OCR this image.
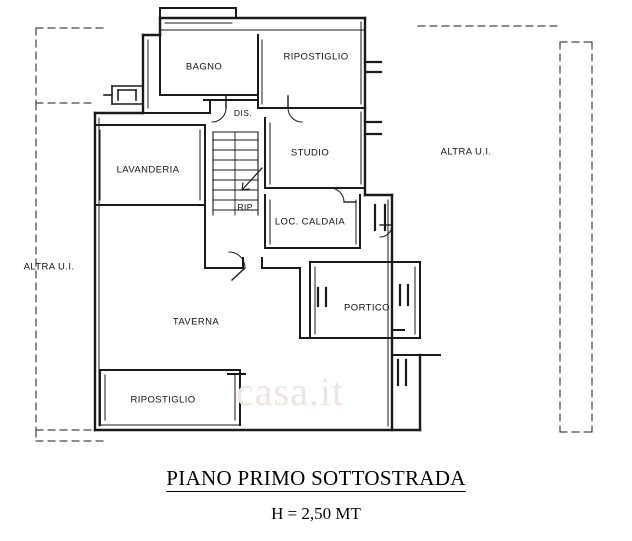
BAGNO
RIPOSTIGLIO
DIS.
STUDIO
LAVANDERIA
RIP.
LOC. CALDAIA
PORTICO
TAVERNA
RIPOSTIGLIO
ALTRA U.I.
ALTRA U.I.
casa.it
PIANO PRIMO SOTTOSTRADA
H = 2,50 MT
